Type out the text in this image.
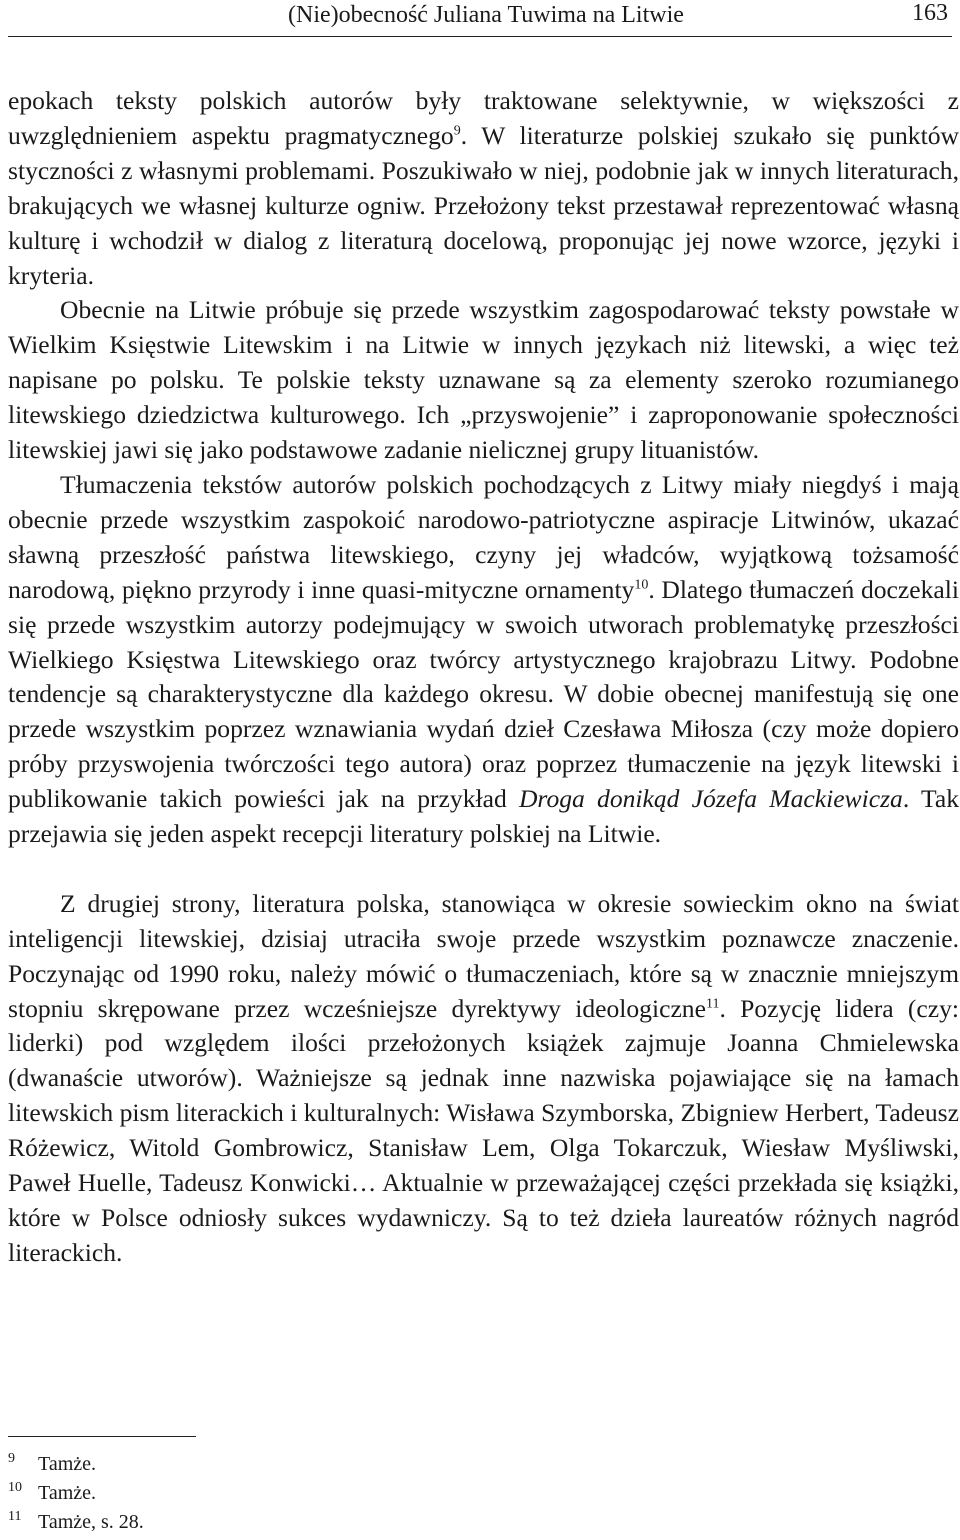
(Nie)obecność Juliana Tuwima na Litwie	163

epokach teksty polskich autorów były traktowane selektywnie, w większości z uwzględnieniem aspektu pragmatycznego$^9$. W literaturze polskiej szukało się punktów styczności z własnymi problemami. Poszukiwało w niej, podobnie jak w innych literaturach, brakujących we własnej kulturze ogniw. Przełożony tekst przestawał reprezentować własną kulturę i wchodził w dialog z literaturą docelową, proponując jej nowe wzorce, języki i kryteria.

Obecnie na Litwie próbuje się przede wszystkim zagospodarować teksty powstałe w Wielkim Księstwie Litewskim i na Litwie w innych językach niż litewski, a więc też napisane po polsku. Te polskie teksty uznawane są za elementy szeroko rozumianego litewskiego dziedzictwa kulturowego. Ich „przyswojenie” i zaproponowanie społeczności litewskiej jawi się jako podstawowe zadanie nielicznej grupy lituanistów.

Tłumaczenia tekstów autorów polskich pochodzących z Litwy miały niegdyś i mają obecnie przede wszystkim zaspokoić narodowo-patriotyczne aspiracje Litwinów, ukazać sławną przeszłość państwa litewskiego, czyny jej władców, wyjątkową tożsamość narodową, piękno przyrody i inne quasi-mityczne ornamenty$^{10}$. Dlatego tłumaczeń doczekali się przede wszystkim autorzy podejmujący w swoich utworach problematykę przeszłości Wielkiego Księstwa Litewskiego oraz twórcy artystycznego krajobrazu Litwy. Podobne tendencje są charakterystyczne dla każdego okresu. W dobie obecnej manifestują się one przede wszystkim poprzez wznawiania wydań dzieł Czesława Miłosza (czy może dopiero próby przyswojenia twórczości tego autora) oraz poprzez tłumaczenie na język litewski i publikowanie takich powieści jak na przykład Droga donikąd Józefa Mackiewicza. Tak przejawia się jeden aspekt recepcji literatury polskiej na Litwie.

Z drugiej strony, literatura polska, stanowiąca w okresie sowieckim okno na świat inteligencji litewskiej, dzisiaj utraciła swoje przede wszystkim poznawcze znaczenie. Poczynając od 1990 roku, należy mówić o tłumaczeniach, które są w znacznie mniejszym stopniu skrępowane przez wcześniejsze dyrektywy ideologiczne$^{11}$. Pozycję lidera (czy: liderki) pod względem ilości przełożonych książek zajmuje Joanna Chmielewska (dwanaście utworów). Ważniejsze są jednak inne nazwiska pojawiające się na łamach litewskich pism literackich i kulturalnych: Wisława Szymborska, Zbigniew Herbert, Tadeusz Różewicz, Witold Gombrowicz, Stanisław Lem, Olga Tokarczuk, Wiesław Myśliwski, Paweł Huelle, Tadeusz Konwicki… Aktualnie w przeważającej części przekłada się książki, które w Polsce odniosły sukces wydawniczy. Są to też dzieła laureatów różnych nagród literackich.

9 Tamże.
10 Tamże.
11 Tamże, s. 28.
